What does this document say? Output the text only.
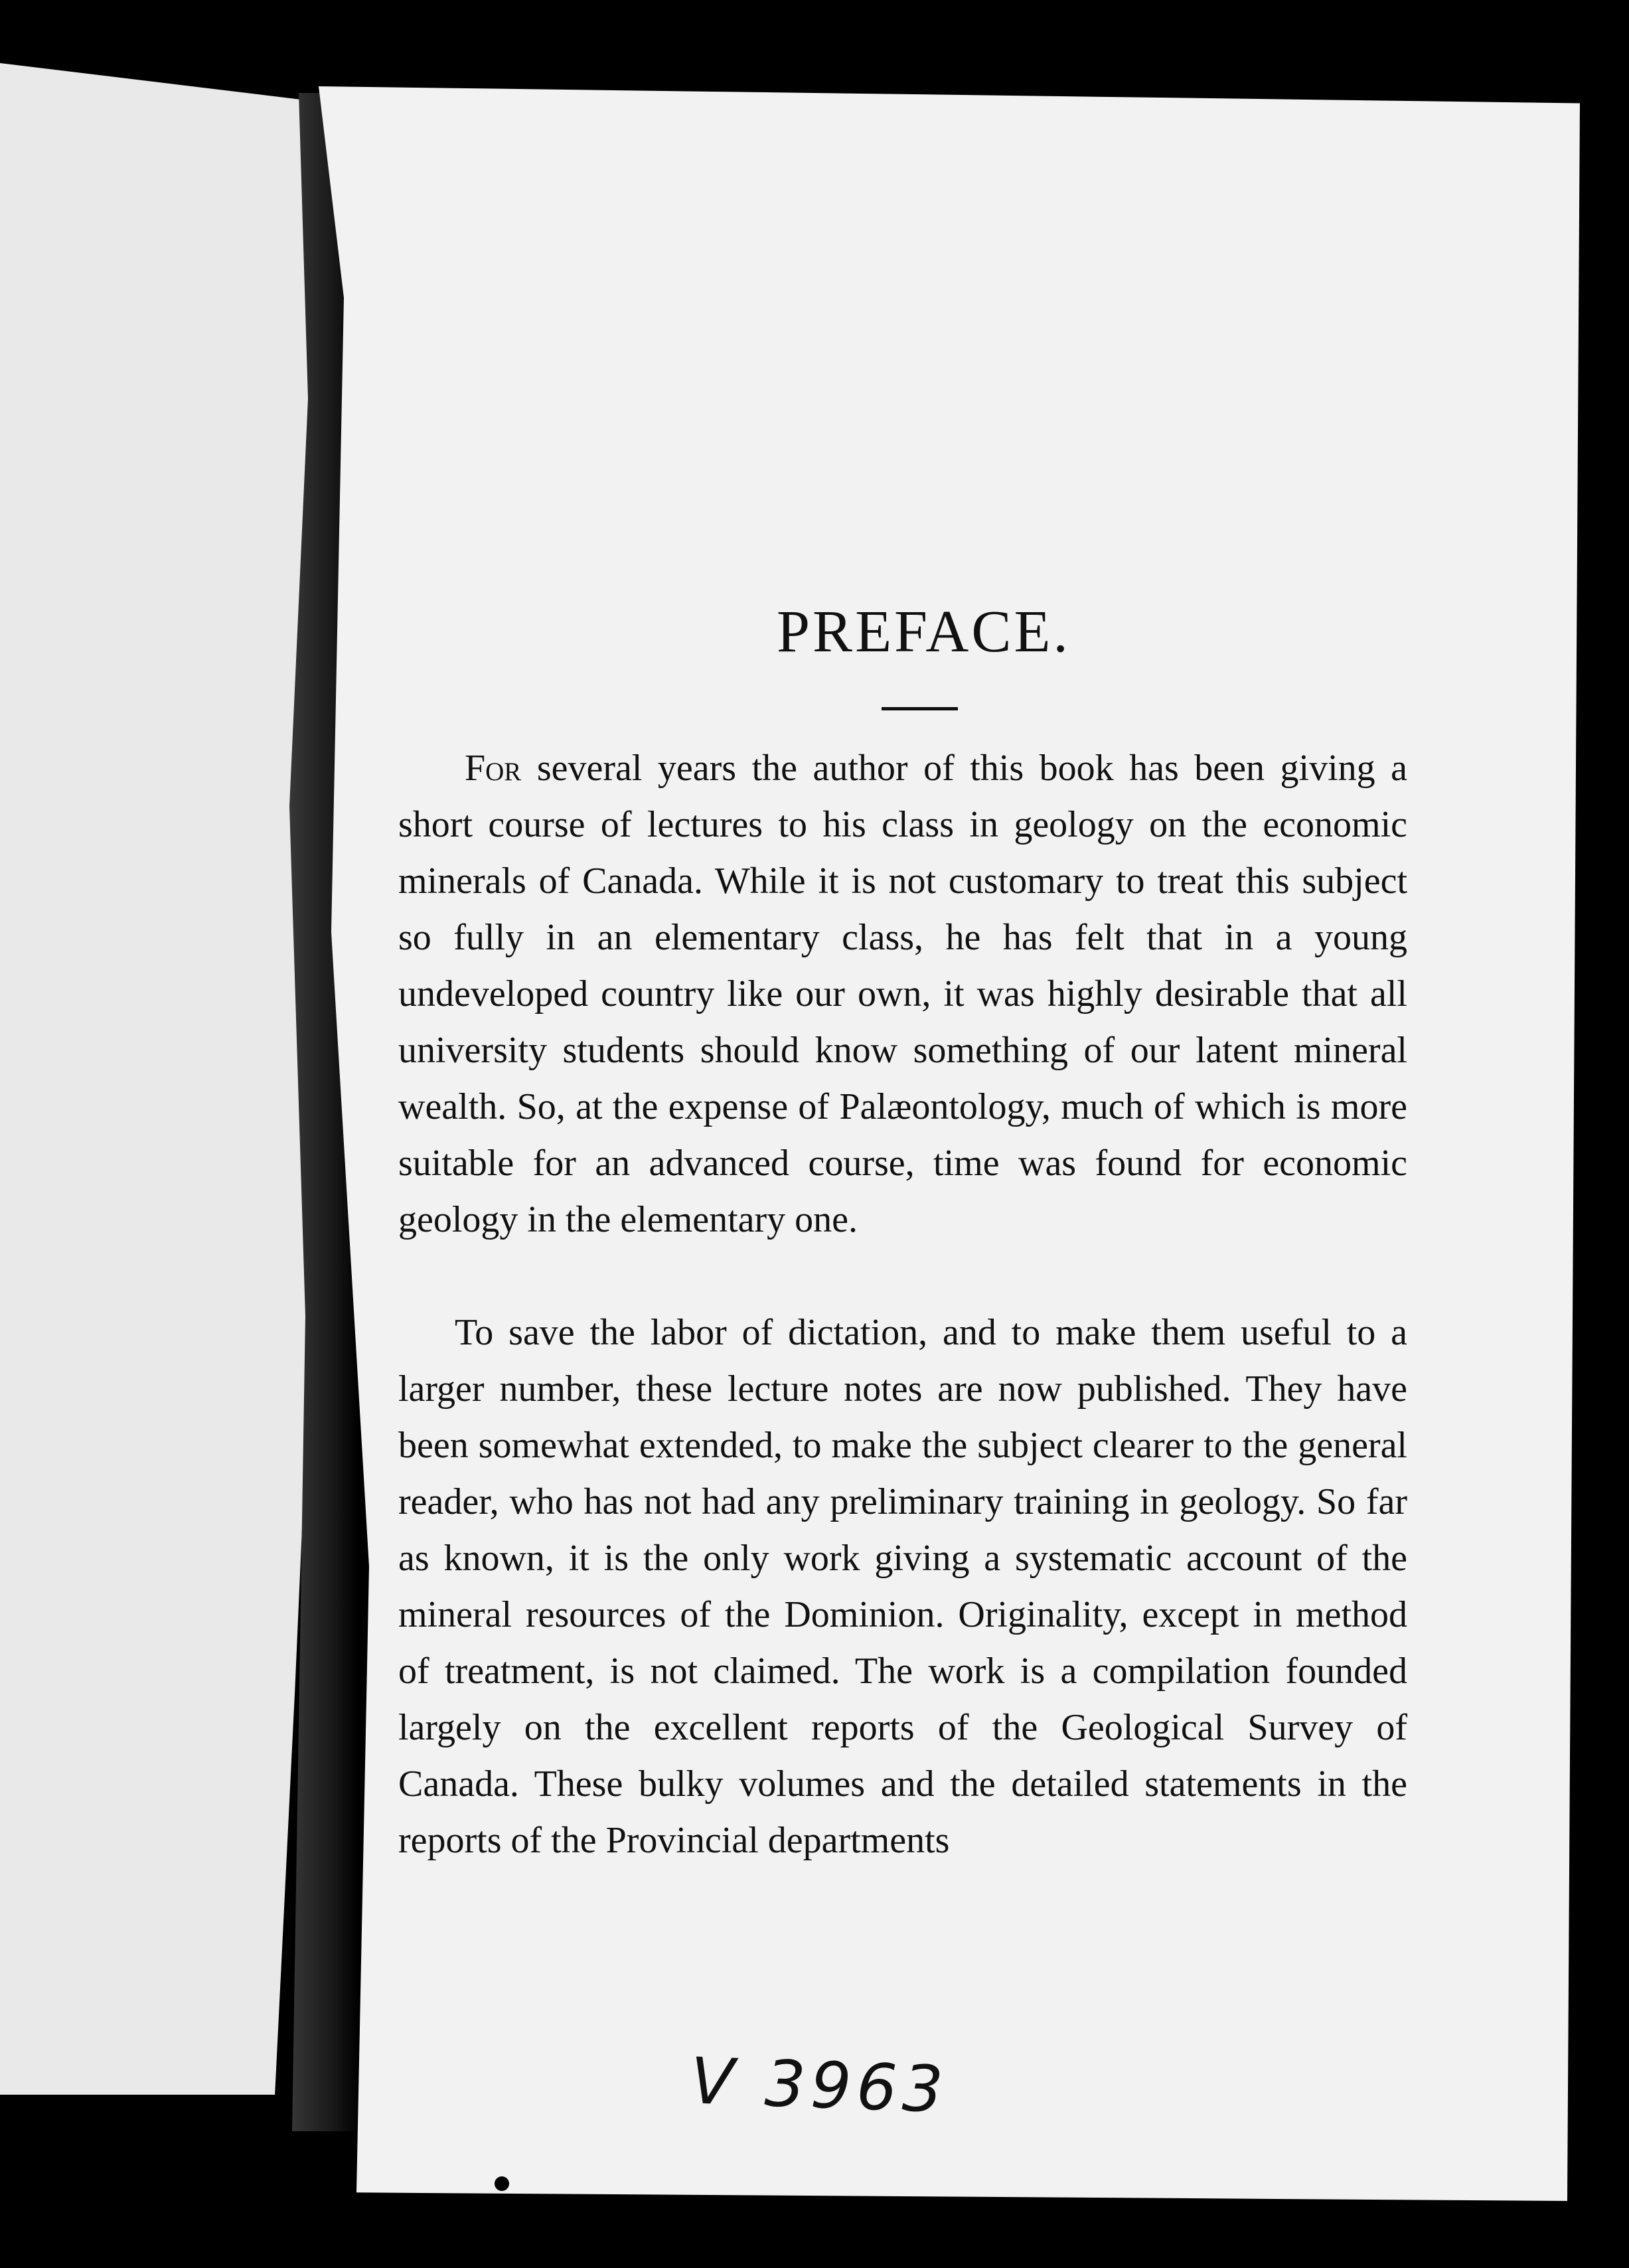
PREFACE.
For several years the author of this book has been giving a short course of lectures to his class in geology on the economic minerals of Canada. While it is not customary to treat this subject so fully in an elementary class, he has felt that in a young undeveloped country like our own, it was highly desirable that all university students should know something of our latent mineral wealth. So, at the expense of Palæontology, much of which is more suitable for an advanced course, time was found for economic geology in the elementary one.
To save the labor of dictation, and to make them useful to a larger number, these lecture notes are now published. They have been somewhat extended, to make the subject clearer to the general reader, who has not had any preliminary training in geology. So far as known, it is the only work giving a systematic account of the mineral resources of the Dominion. Originality, except in method of treatment, is not claimed. The work is a compilation founded largely on the excellent reports of the Geological Survey of Canada. These bulky volumes and the detailed statements in the reports of the Provincial departments
V 3963
